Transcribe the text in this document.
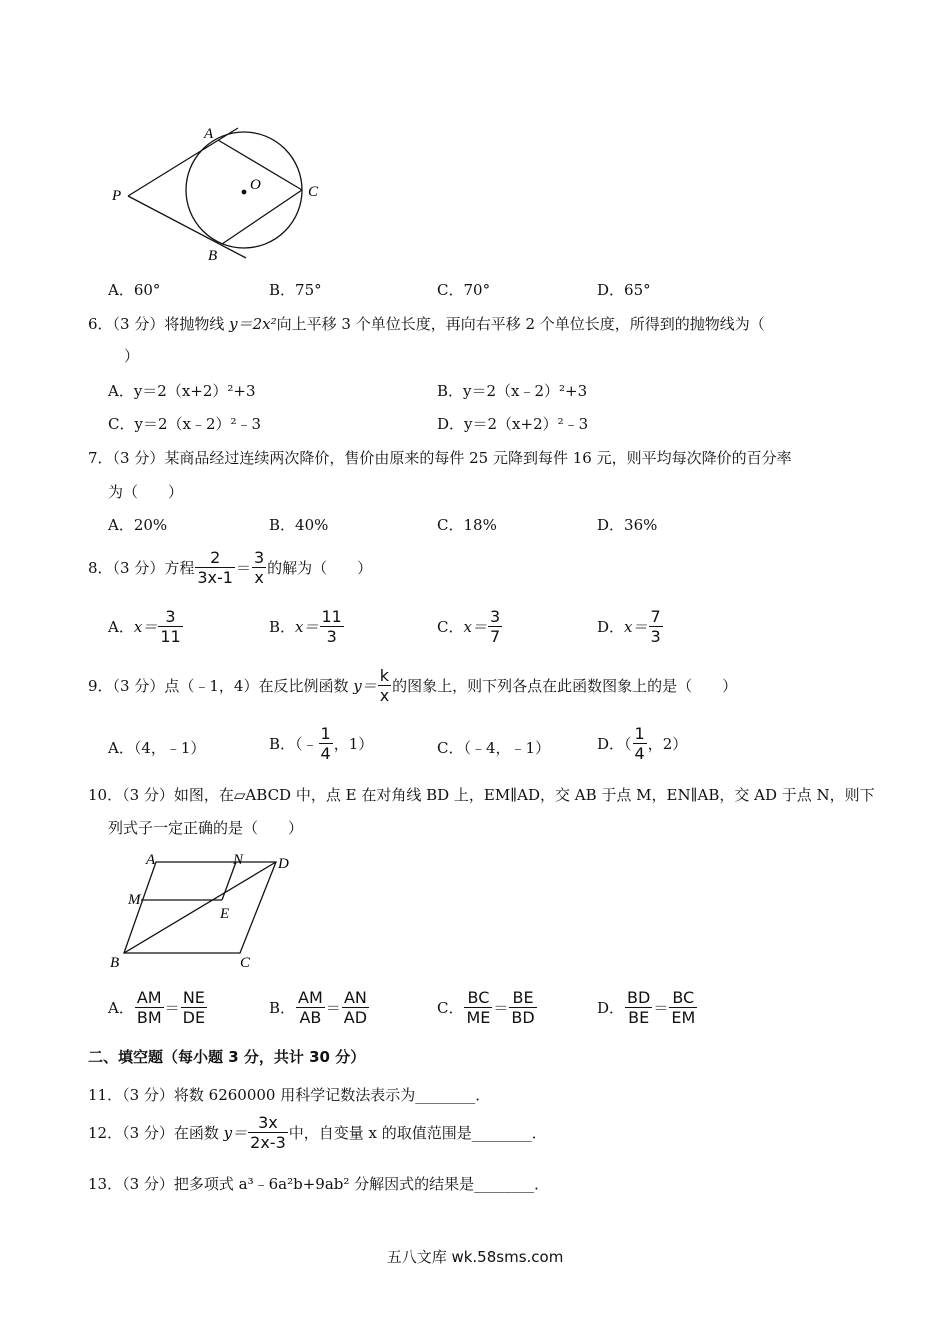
A
B
C
O
P
A．60°	B．75°	C．70°	D．65°
6．（3 分）将抛物线 y＝2x²向上平移 3 个单位长度，再向右平移 2 个单位长度，所得到的抛物线为（
）
A．y＝2（x+2）²+3	B．y＝2（x﹣2）²+3
C．y＝2（x﹣2）²﹣3	D．y＝2（x+2）²﹣3
7．（3 分）某商品经过连续两次降价，售价由原来的每件 25 元降到每件 16 元，则平均每次降价的百分率
为（　　）
A．20%	B．40%	C．18%	D．36%
8．（3 分）方程 $\frac{2}{3x-1} = \frac{3}{x}$ 的解为（　　）
A．$x= \frac{3}{11}$	B．$x= \frac{11}{3}$	C．$x= \frac{3}{7}$	D．$x= \frac{7}{3}$
9．（3 分）点（﹣1，4）在反比例函数 $y= \frac{k}{x}$ 的图象上，则下列各点在此函数图象上的是（　　）
A．（4，﹣1）	B．（﹣ $\frac{1}{4}$ ，1）	C．（﹣4，﹣1）	D．（ $\frac{1}{4}$ ，2）
10．（3 分）如图，在▱ABCD 中，点 E 在对角线 BD 上，EM∥AD，交 AB 于点 M，EN∥AB，交 AD 于点 N，则下
列式子一定正确的是（　　）
A	N D
M
E
B	C
A． $\frac{AM}{BM} = \frac{NE}{DE}$	B． $\frac{AM}{AB} = \frac{AN}{AD}$	C． $\frac{BC}{ME} = \frac{BE}{BD}$	D． $\frac{BD}{BE} = \frac{BC}{EM}$
二、填空题（每小题 3 分，共计 30 分）
11．（3 分）将数 6260000 用科学记数法表示为________．
12．（3 分）在函数 $y= \frac{3x}{2x-3}$ 中，自变量 x 的取值范围是________．
13．（3 分）把多项式 a³﹣6a²b+9ab² 分解因式的结果是________．
五八文库 wk.58sms.com
